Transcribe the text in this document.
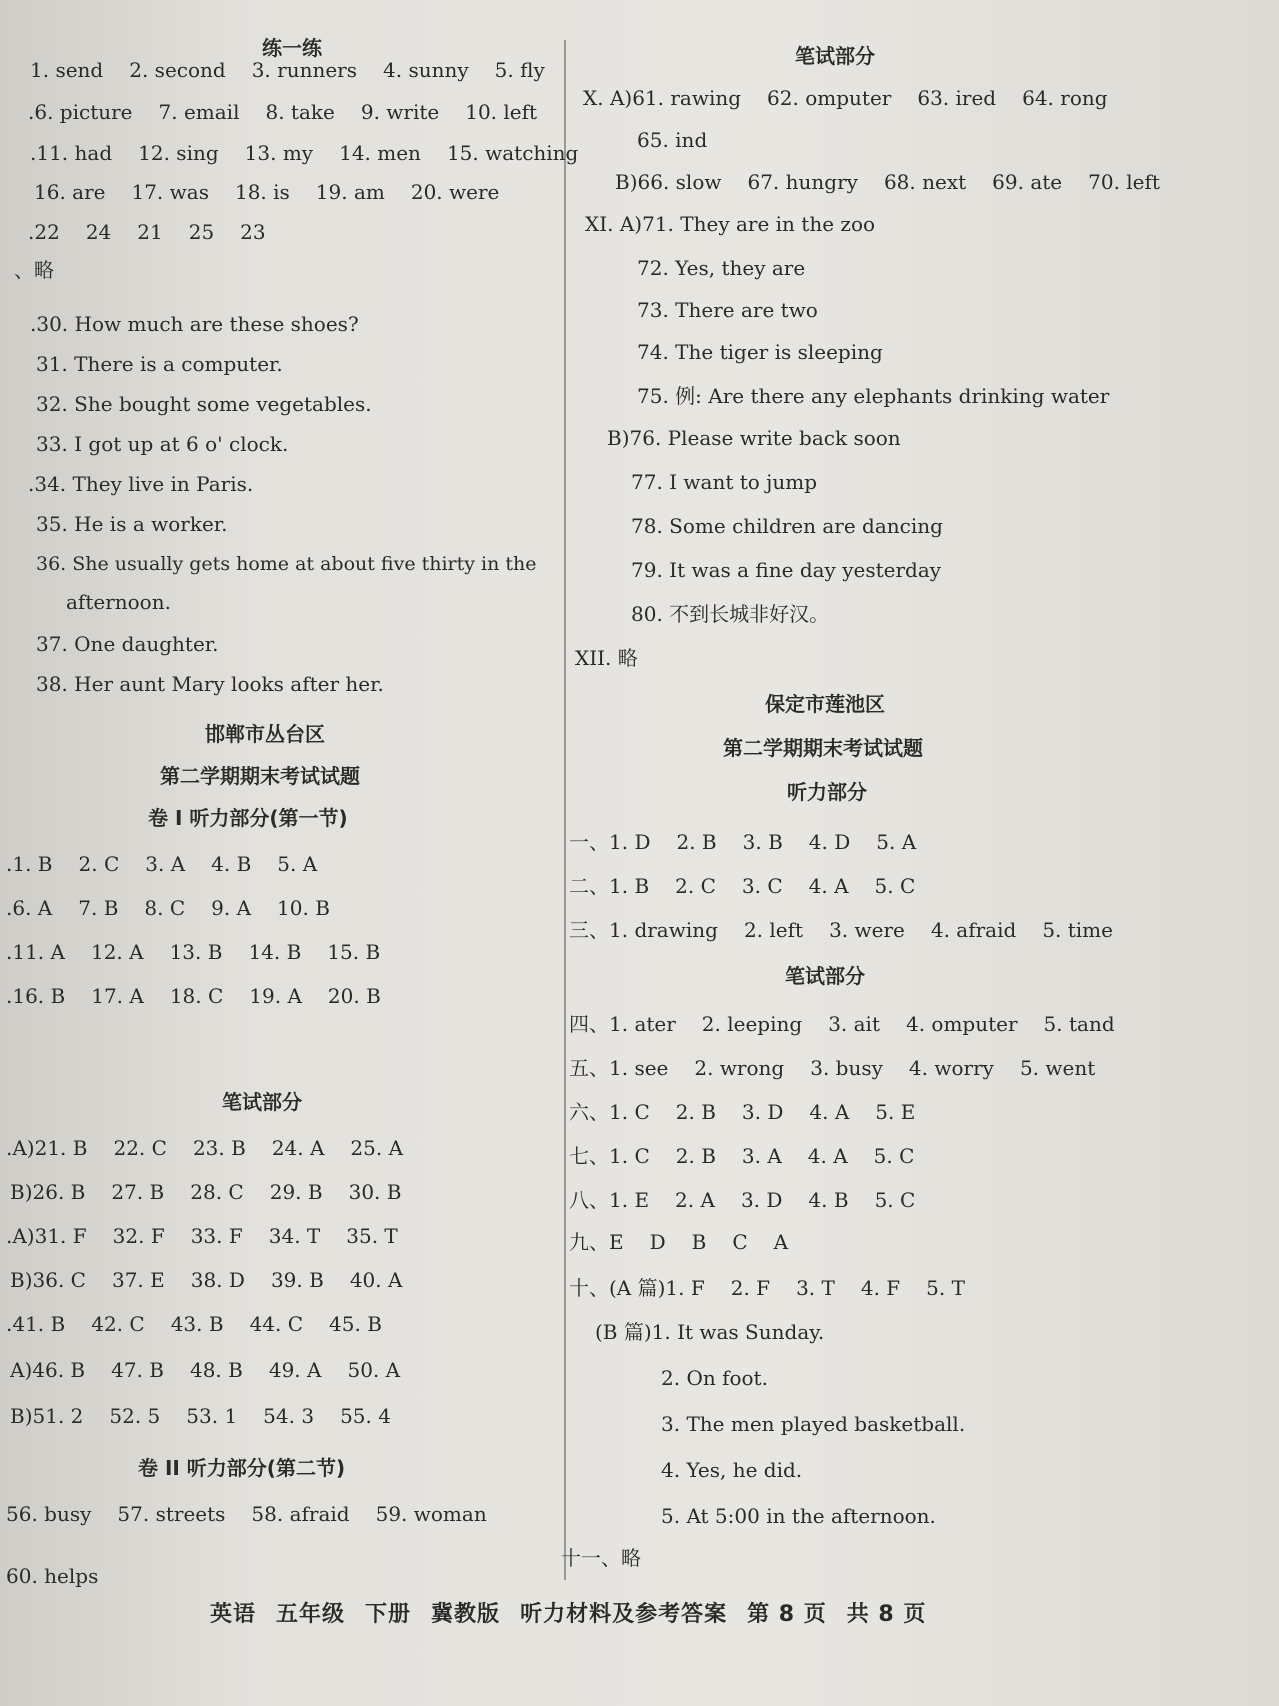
练一练
1. send 2. second 3. runners 4. sunny 5. fly
.6. picture 7. email 8. take 9. write 10. left
.11. had 12. sing 13. my 14. men 15. watching
16. are 17. was 18. is 19. am 20. were
.22 24 21 25 23
、略
.30. How much are these shoes?
31. There is a computer.
32. She bought some vegetables.
33. I got up at 6 o' clock.
.34. They live in Paris.
35. He is a worker.
36. She usually gets home at about five thirty in the
afternoon.
37. One daughter.
38. Her aunt Mary looks after her.
邯郸市丛台区
第二学期期末考试试题
卷 I 听力部分(第一节)
.1. B 2. C 3. A 4. B 5. A
.6. A 7. B 8. C 9. A 10. B
.11. A 12. A 13. B 14. B 15. B
.16. B 17. A 18. C 19. A 20. B
笔试部分
.A)21. B 22. C 23. B 24. A 25. A
B)26. B 27. B 28. C 29. B 30. B
.A)31. F 32. F 33. F 34. T 35. T
B)36. C 37. E 38. D 39. B 40. A
.41. B 42. C 43. B 44. C 45. B
A)46. B 47. B 48. B 49. A 50. A
B)51. 2 52. 5 53. 1 54. 3 55. 4
卷 II 听力部分(第二节)
56. busy 57. streets 58. afraid 59. woman
60. helps
笔试部分
X. A)61. rawing 62. omputer 63. ired 64. rong
65. ind
B)66. slow 67. hungry 68. next 69. ate 70. left
XI. A)71. They are in the zoo
72. Yes, they are
73. There are two
74. The tiger is sleeping
75. 例: Are there any elephants drinking water
B)76. Please write back soon
77. I want to jump
78. Some children are dancing
79. It was a fine day yesterday
80. 不到长城非好汉。
XII. 略
保定市莲池区
第二学期期末考试试题
听力部分
一、1. D 2. B 3. B 4. D 5. A
二、1. B 2. C 3. C 4. A 5. C
三、1. drawing 2. left 3. were 4. afraid 5. time
笔试部分
四、1. ater 2. leeping 3. ait 4. omputer 5. tand
五、1. see 2. wrong 3. busy 4. worry 5. went
六、1. C 2. B 3. D 4. A 5. E
七、1. C 2. B 3. A 4. A 5. C
八、1. E 2. A 3. D 4. B 5. C
九、E D B C A
十、(A 篇)1. F 2. F 3. T 4. F 5. T
(B 篇)1. It was Sunday.
2. On foot.
3. The men played basketball.
4. Yes, he did.
5. At 5:00 in the afternoon.
十一、略
英语 五年级 下册 冀教版 听力材料及参考答案 第 8 页 共 8 页
